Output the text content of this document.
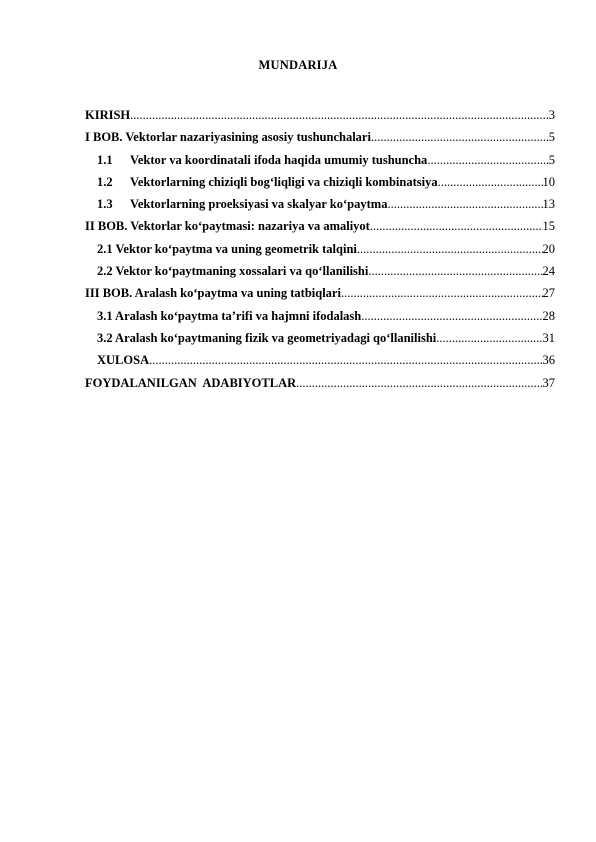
MUNDARIJA
KIRISH .....	3
I BOB. Vektorlar nazariyasining asosiy tushunchalari .....	5
1.1	Vektor va koordinatali ifoda haqida umumiy tushuncha .....	5
1.2	Vektorlarning chiziqli bog‘liqligi va chiziqli kombinatsiya .....	10
1.3	Vektorlarning proeksiyasi va skalyar ko‘paytma .....	13
II BOB. Vektorlar ko‘paytmasi: nazariya va amaliyot .....	15
2.1 Vektor ko‘paytma va uning geometrik talqini .....	20
2.2 Vektor ko‘paytmaning xossalari va qo‘llanilishi .....	24
III BOB. Aralash ko‘paytma va uning tatbiqlari .....	27
3.1 Aralash ko‘paytma ta’rifi va hajmni ifodalash .....	28
3.2 Aralash ko‘paytmaning fizik va geometriyadagi qo‘llanilishi .....	31
XULOSA .....	36
FOYDALANILGAN  ADABIYOTLAR .....	37
